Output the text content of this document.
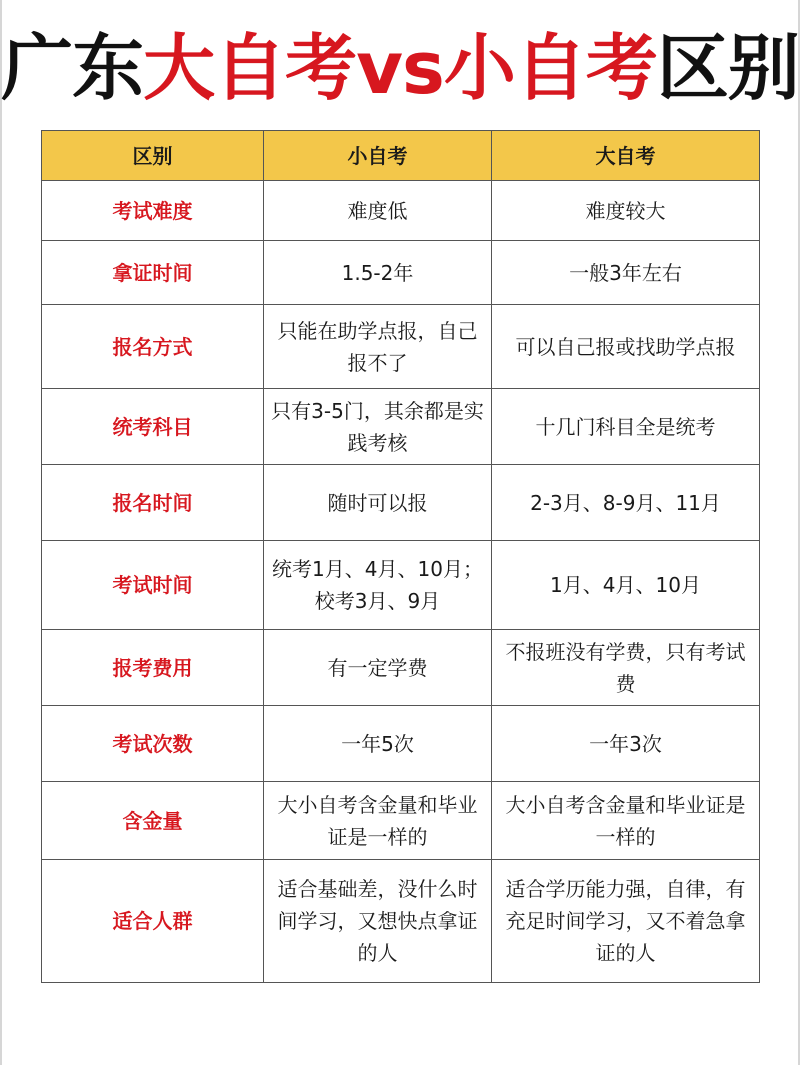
广东大自考vs小自考区别
区别	小自考	大自考
考试难度	难度低	难度较大
拿证时间	1.5-2年	一般3年左右
报名方式	只能在助学点报，自己报不了	可以自己报或找助学点报
统考科目	只有3-5门，其余都是实践考核	十几门科目全是统考
报名时间	随时可以报	2-3月、8-9月、11月
考试时间	统考1月、4月、10月；校考3月、9月	1月、4月、10月
报考费用	有一定学费	不报班没有学费，只有考试费
考试次数	一年5次	一年3次
含金量	大小自考含金量和毕业证是一样的	大小自考含金量和毕业证是一样的
适合人群	适合基础差，没什么时间学习，又想快点拿证的人	适合学历能力强，自律，有充足时间学习，又不着急拿证的人
